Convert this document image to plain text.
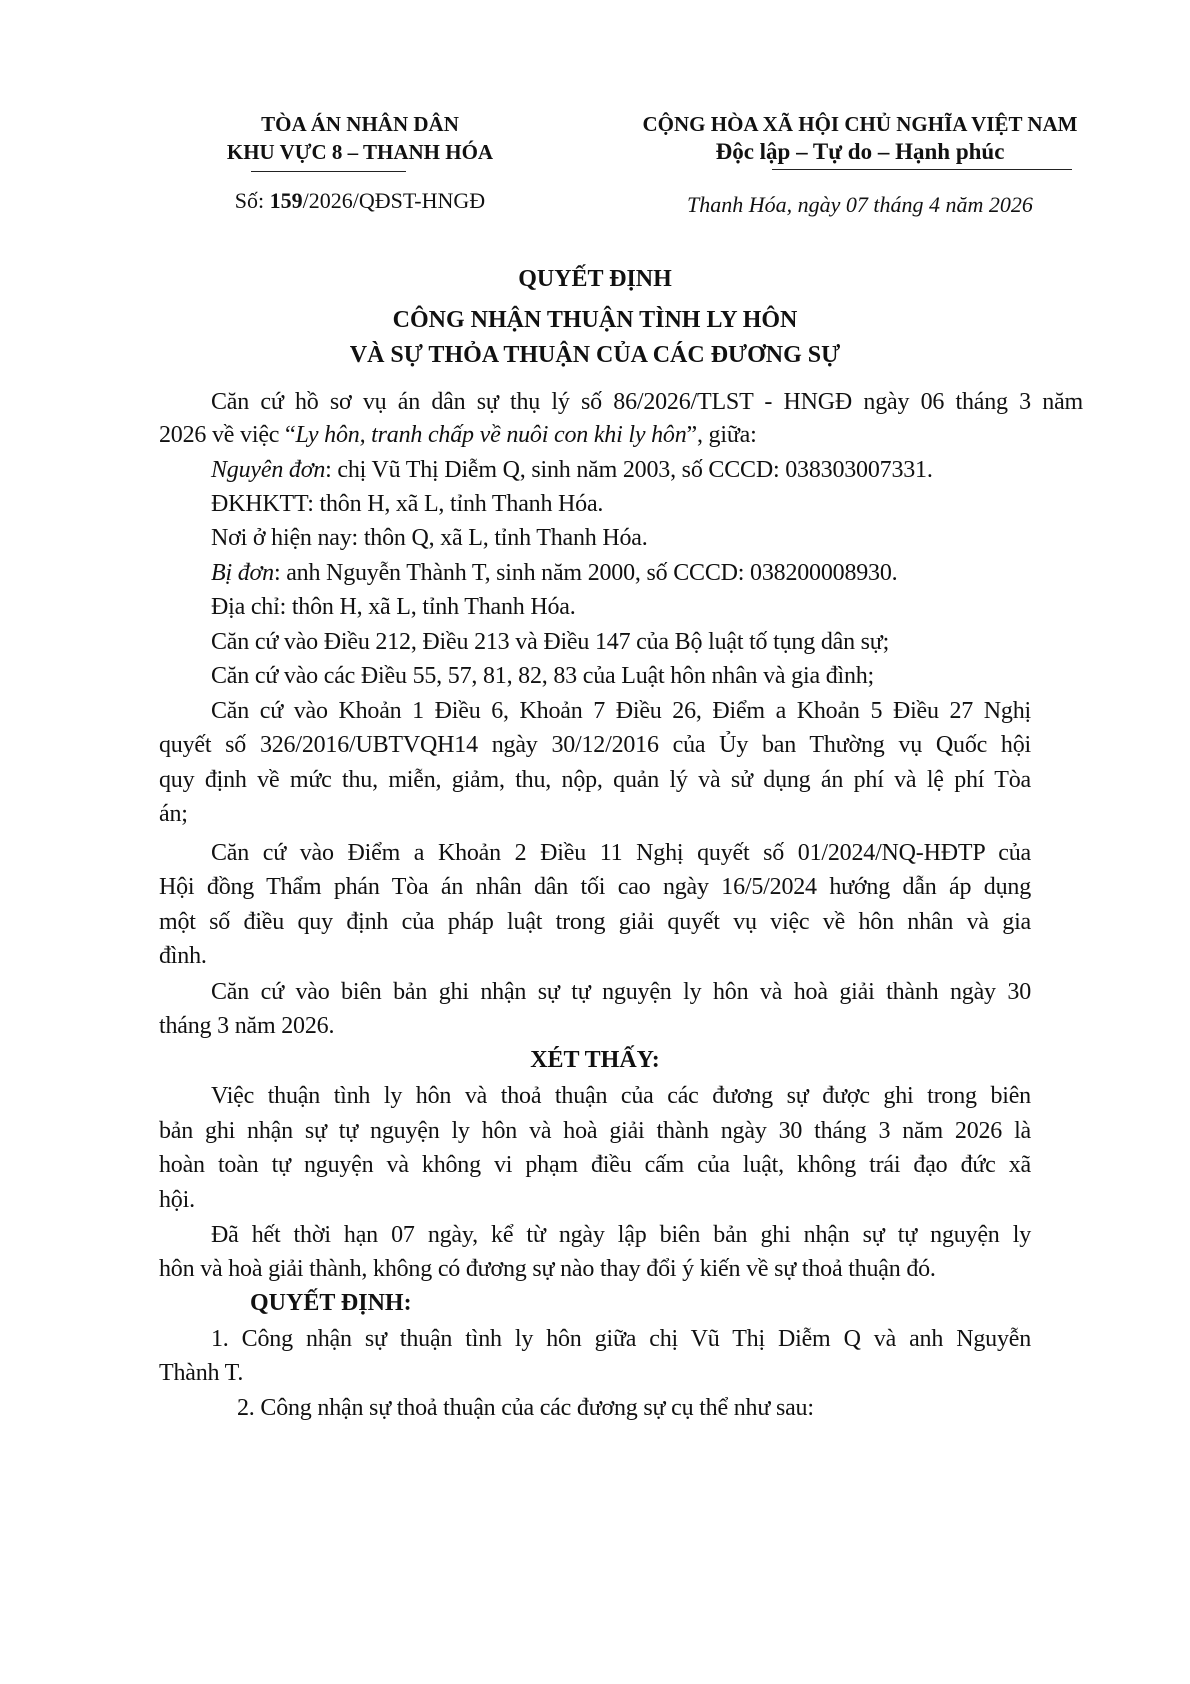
TÒA ÁN NHÂN DÂN
KHU VỰC 8 – THANH HÓA
Số: 159/2026/QĐST-HNGĐ
CỘNG HÒA XÃ HỘI CHỦ NGHĨA VIỆT NAM
Độc lập – Tự do – Hạnh phúc
Thanh Hóa, ngày 07 tháng 4 năm 2026
QUYẾT ĐỊNH
CÔNG NHẬN THUẬN TÌNH LY HÔN
VÀ SỰ THỎA THUẬN CỦA CÁC ĐƯƠNG SỰ
Căn cứ hồ sơ vụ án dân sự thụ lý số 86/2026/TLST - HNGĐ ngày 06 tháng 3 năm
2026 về việc “Ly hôn, tranh chấp về nuôi con khi ly hôn”, giữa:
Nguyên đơn: chị Vũ Thị Diễm Q, sinh năm 2003, số CCCD: 038303007331.
ĐKHKTT: thôn H, xã L, tỉnh Thanh Hóa.
Nơi ở hiện nay: thôn Q, xã L, tỉnh Thanh Hóa.
Bị đơn: anh Nguyễn Thành T, sinh năm 2000, số CCCD: 038200008930.
Địa chỉ: thôn H, xã L, tỉnh Thanh Hóa.
Căn cứ vào Điều 212, Điều 213 và Điều 147 của Bộ luật tố tụng dân sự;
Căn cứ vào các Điều 55, 57, 81, 82, 83 của Luật hôn nhân và gia đình;
Căn cứ vào Khoản 1 Điều 6, Khoản 7 Điều 26, Điểm a Khoản 5 Điều 27 Nghị
quyết số 326/2016/UBTVQH14 ngày 30/12/2016 của Ủy ban Thường vụ Quốc hội
quy định về mức thu, miễn, giảm, thu, nộp, quản lý và sử dụng án phí và lệ phí Tòa
án;
Căn cứ vào Điểm a Khoản 2 Điều 11 Nghị quyết số 01/2024/NQ-HĐTP của
Hội đồng Thẩm phán Tòa án nhân dân tối cao ngày 16/5/2024 hướng dẫn áp dụng
một số điều quy định của pháp luật trong giải quyết vụ việc về hôn nhân và gia
đình.
Căn cứ vào biên bản ghi nhận sự tự nguyện ly hôn và hoà giải thành ngày 30
tháng 3 năm 2026.
XÉT THẤY:
Việc thuận tình ly hôn và thoả thuận của các đương sự được ghi trong biên
bản ghi nhận sự tự nguyện ly hôn và hoà giải thành ngày 30 tháng 3 năm 2026 là
hoàn toàn tự nguyện và không vi phạm điều cấm của luật, không trái đạo đức xã
hội.
Đã hết thời hạn 07 ngày, kể từ ngày lập biên bản ghi nhận sự tự nguyện ly
hôn và hoà giải thành, không có đương sự nào thay đổi ý kiến về sự thoả thuận đó.
QUYẾT ĐỊNH:
1. Công nhận sự thuận tình ly hôn giữa chị Vũ Thị Diễm Q và anh Nguyễn
Thành T.
2. Công nhận sự thoả thuận của các đương sự cụ thể như sau:
